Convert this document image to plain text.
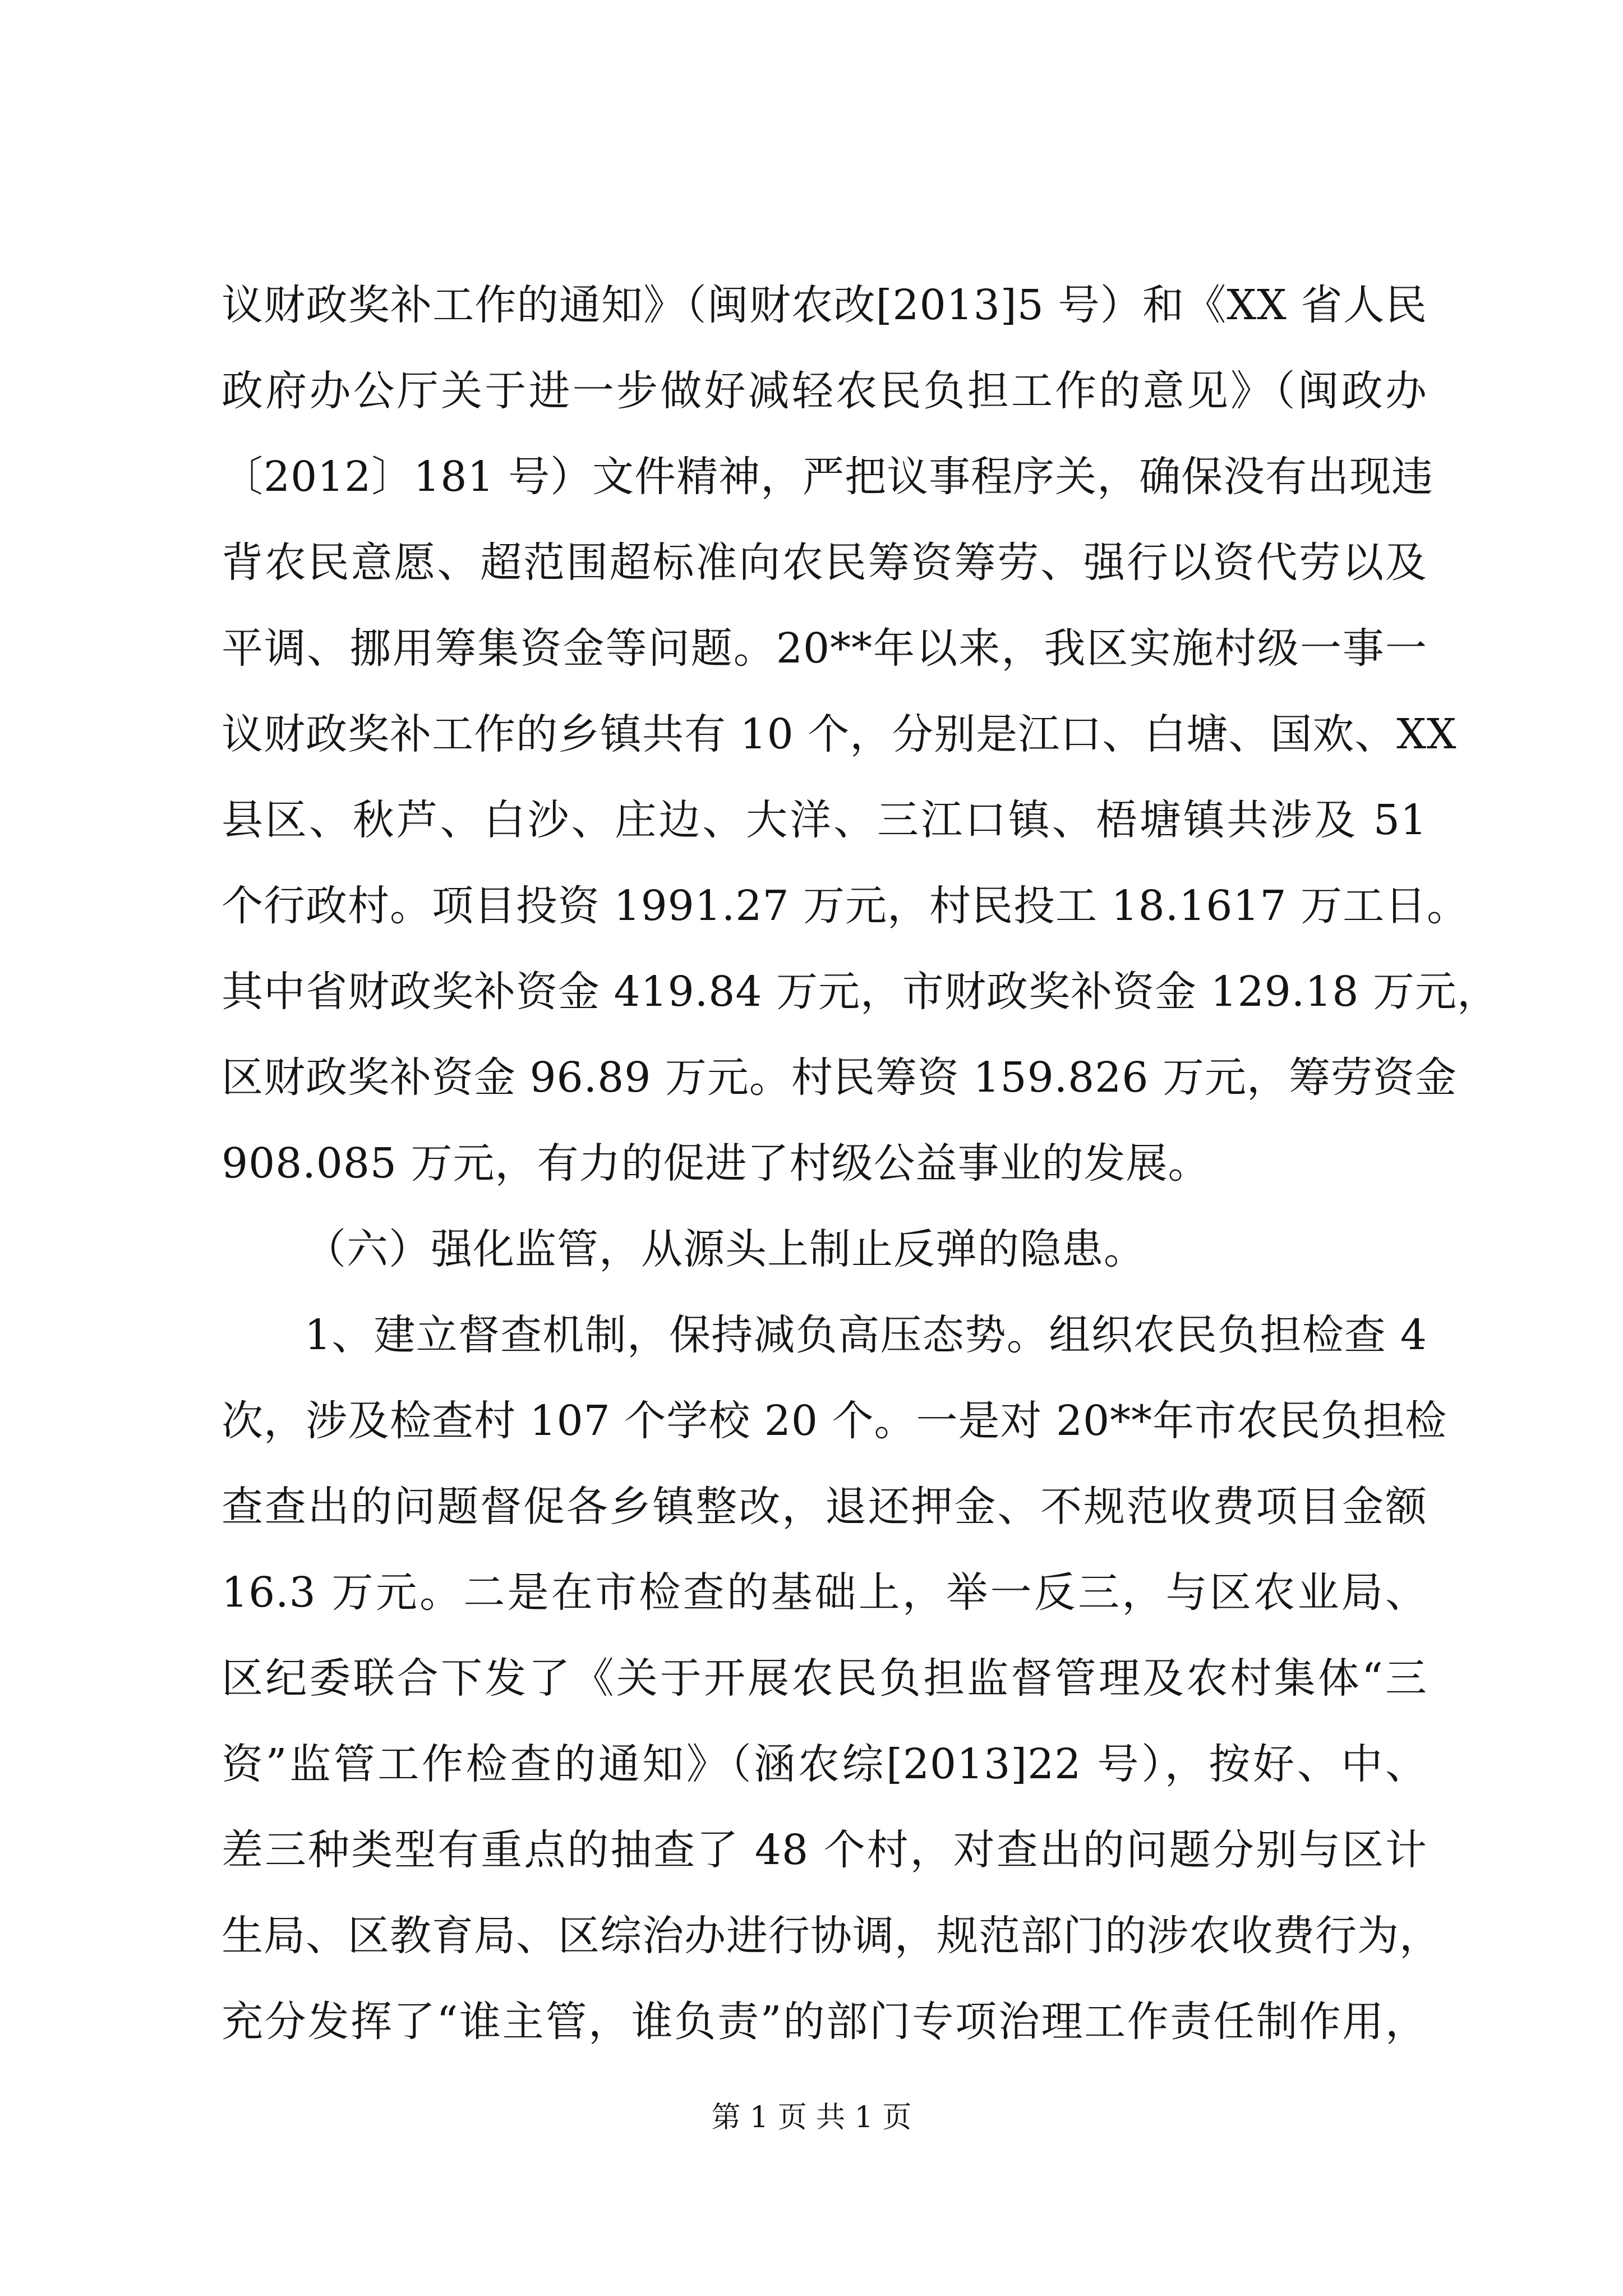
议财政奖补工作的通知》（闽财农改[2013]5 号）和《XX 省人民
政府办公厅关于进一步做好减轻农民负担工作的意见》（闽政办
〔2012〕181 号）文件精神，严把议事程序关，确保没有出现违
背农民意愿、超范围超标准向农民筹资筹劳、强行以资代劳以及
平调、挪用筹集资金等问题。20**年以来，我区实施村级一事一
议财政奖补工作的乡镇共有 10 个，分别是江口、白塘、国欢、XX
县区、秋芦、白沙、庄边、大洋、三江口镇、梧塘镇共涉及 51
个行政村。项目投资 1991.27 万元，村民投工 18.1617 万工日。
其中省财政奖补资金 419.84 万元，市财政奖补资金 129.18 万元，
区财政奖补资金 96.89 万元。村民筹资 159.826 万元，筹劳资金
908.085 万元，有力的促进了村级公益事业的发展。
（六）强化监管，从源头上制止反弹的隐患。
1、建立督查机制，保持减负高压态势。组织农民负担检查 4
次，涉及检查村 107 个学校 20 个。一是对 20**年市农民负担检
查查出的问题督促各乡镇整改，退还押金、不规范收费项目金额
16.3 万元。二是在市检查的基础上，举一反三，与区农业局、
区纪委联合下发了《关于开展农民负担监督管理及农村集体“三
资”监管工作检查的通知》（涵农综[2013]22 号），按好、中、
差三种类型有重点的抽查了 48 个村，对查出的问题分别与区计
生局、区教育局、区综治办进行协调，规范部门的涉农收费行为，
充分发挥了“谁主管，谁负责”的部门专项治理工作责任制作用，
第 1 页 共 1 页
